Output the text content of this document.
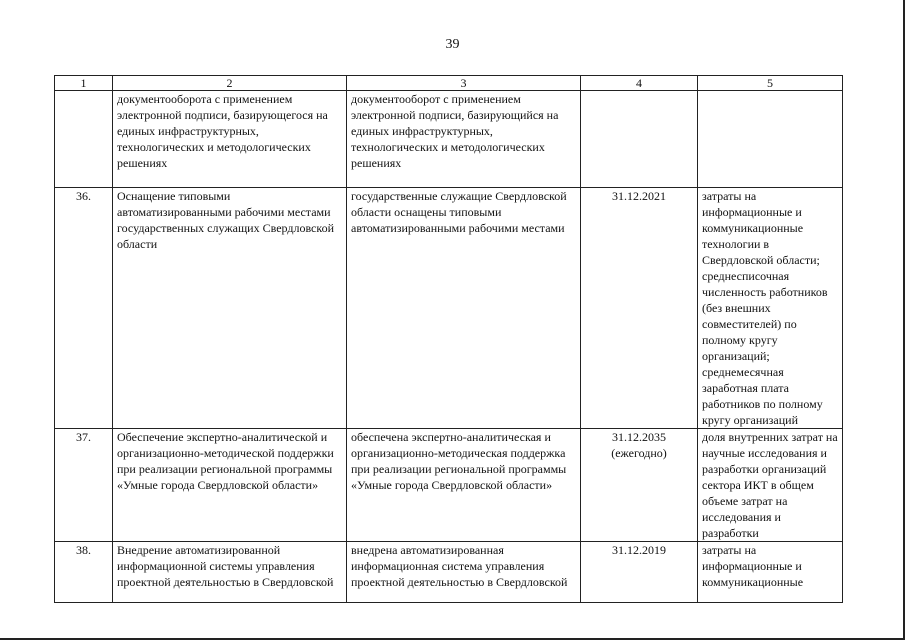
39
1	2	3	4	5
	документооборота с применением электронной подписи, базирующегося на единых инфраструктурных, технологических и методологических решениях	документооборот с применением электронной подписи, базирующийся на единых инфраструктурных, технологических и методологических решениях		
36.	Оснащение типовыми автоматизированными рабочими местами государственных служащих Свердловской области	государственные служащие Свердловской области оснащены типовыми автоматизированными рабочими местами	31.12.2021	затраты на информационные и коммуникационные технологии в Свердловской области; среднесписочная численность работников (без внешних совместителей) по полному кругу организаций; среднемесячная заработная плата работников по полному кругу организаций
37.	Обеспечение экспертно-аналитической и организационно-методической поддержки при реализации региональной программы «Умные города Свердловской области»	обеспечена экспертно-аналитическая и организационно-методическая поддержка при реализации региональной программы «Умные города Свердловской области»	31.12.2035 (ежегодно)	доля внутренних затрат на научные исследования и разработки организаций сектора ИКТ в общем объеме затрат на исследования и разработки
38.	Внедрение автоматизированной информационной системы управления проектной деятельностью в Свердловской	внедрена автоматизированная информационная система управления проектной деятельностью в Свердловской	31.12.2019	затраты на информационные и коммуникационные
